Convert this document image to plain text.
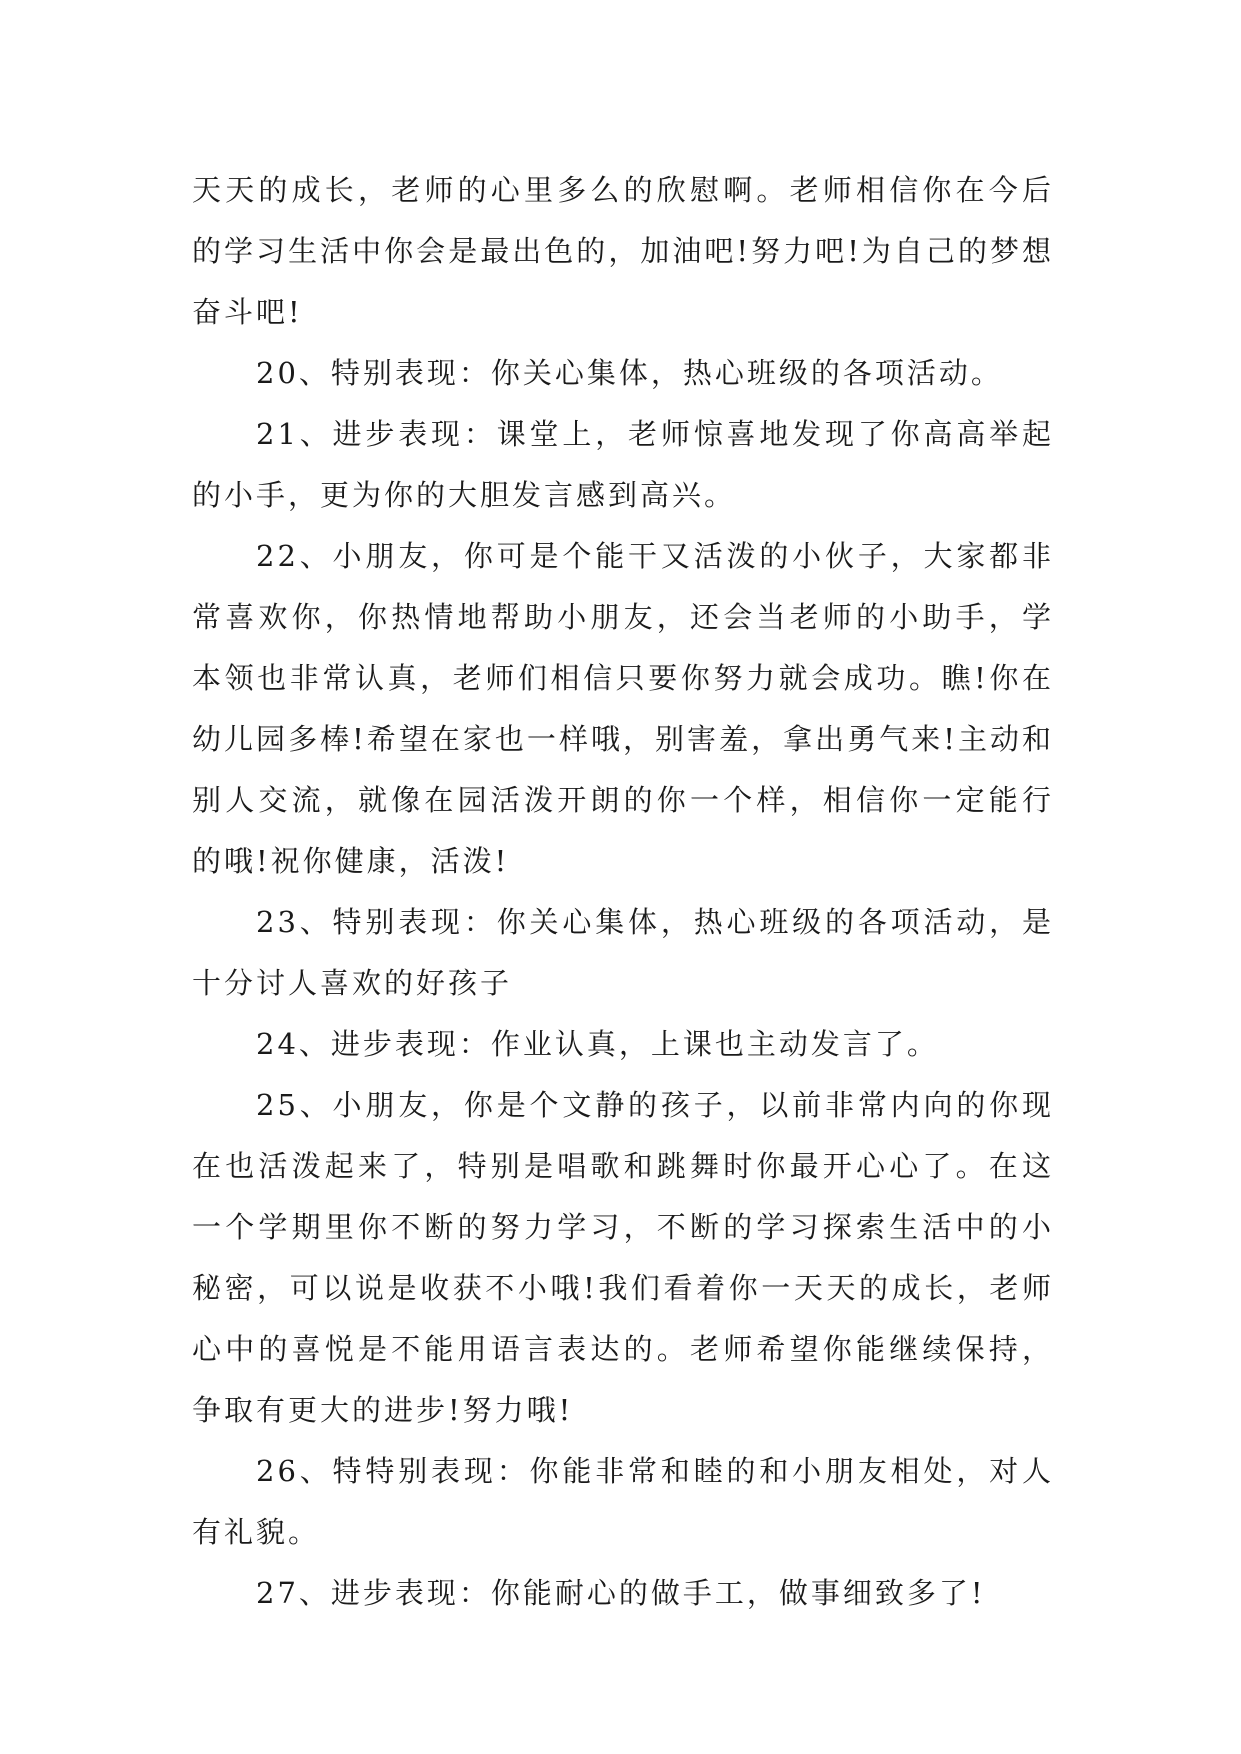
天天的成长，老师的心里多么的欣慰啊。老师相信你在今后的学习生活中你会是最出色的，加油吧!努力吧!为自己的梦想奋斗吧!

20、特别表现：你关心集体，热心班级的各项活动。

21、进步表现：课堂上，老师惊喜地发现了你高高举起的小手，更为你的大胆发言感到高兴。

22、小朋友，你可是个能干又活泼的小伙子，大家都非常喜欢你，你热情地帮助小朋友，还会当老师的小助手，学本领也非常认真，老师们相信只要你努力就会成功。瞧!你在幼儿园多棒!希望在家也一样哦，别害羞，拿出勇气来!主动和别人交流，就像在园活泼开朗的你一个样，相信你一定能行的哦!祝你健康，活泼!

23、特别表现：你关心集体，热心班级的各项活动，是十分讨人喜欢的好孩子

24、进步表现：作业认真，上课也主动发言了。

25、小朋友，你是个文静的孩子，以前非常内向的你现在也活泼起来了，特别是唱歌和跳舞时你最开心心了。在这一个学期里你不断的努力学习，不断的学习探索生活中的小秘密，可以说是收获不小哦!我们看着你一天天的成长，老师心中的喜悦是不能用语言表达的。老师希望你能继续保持，争取有更大的进步!努力哦!

26、特特别表现：你能非常和睦的和小朋友相处，对人有礼貌。

27、进步表现：你能耐心的做手工，做事细致多了!
